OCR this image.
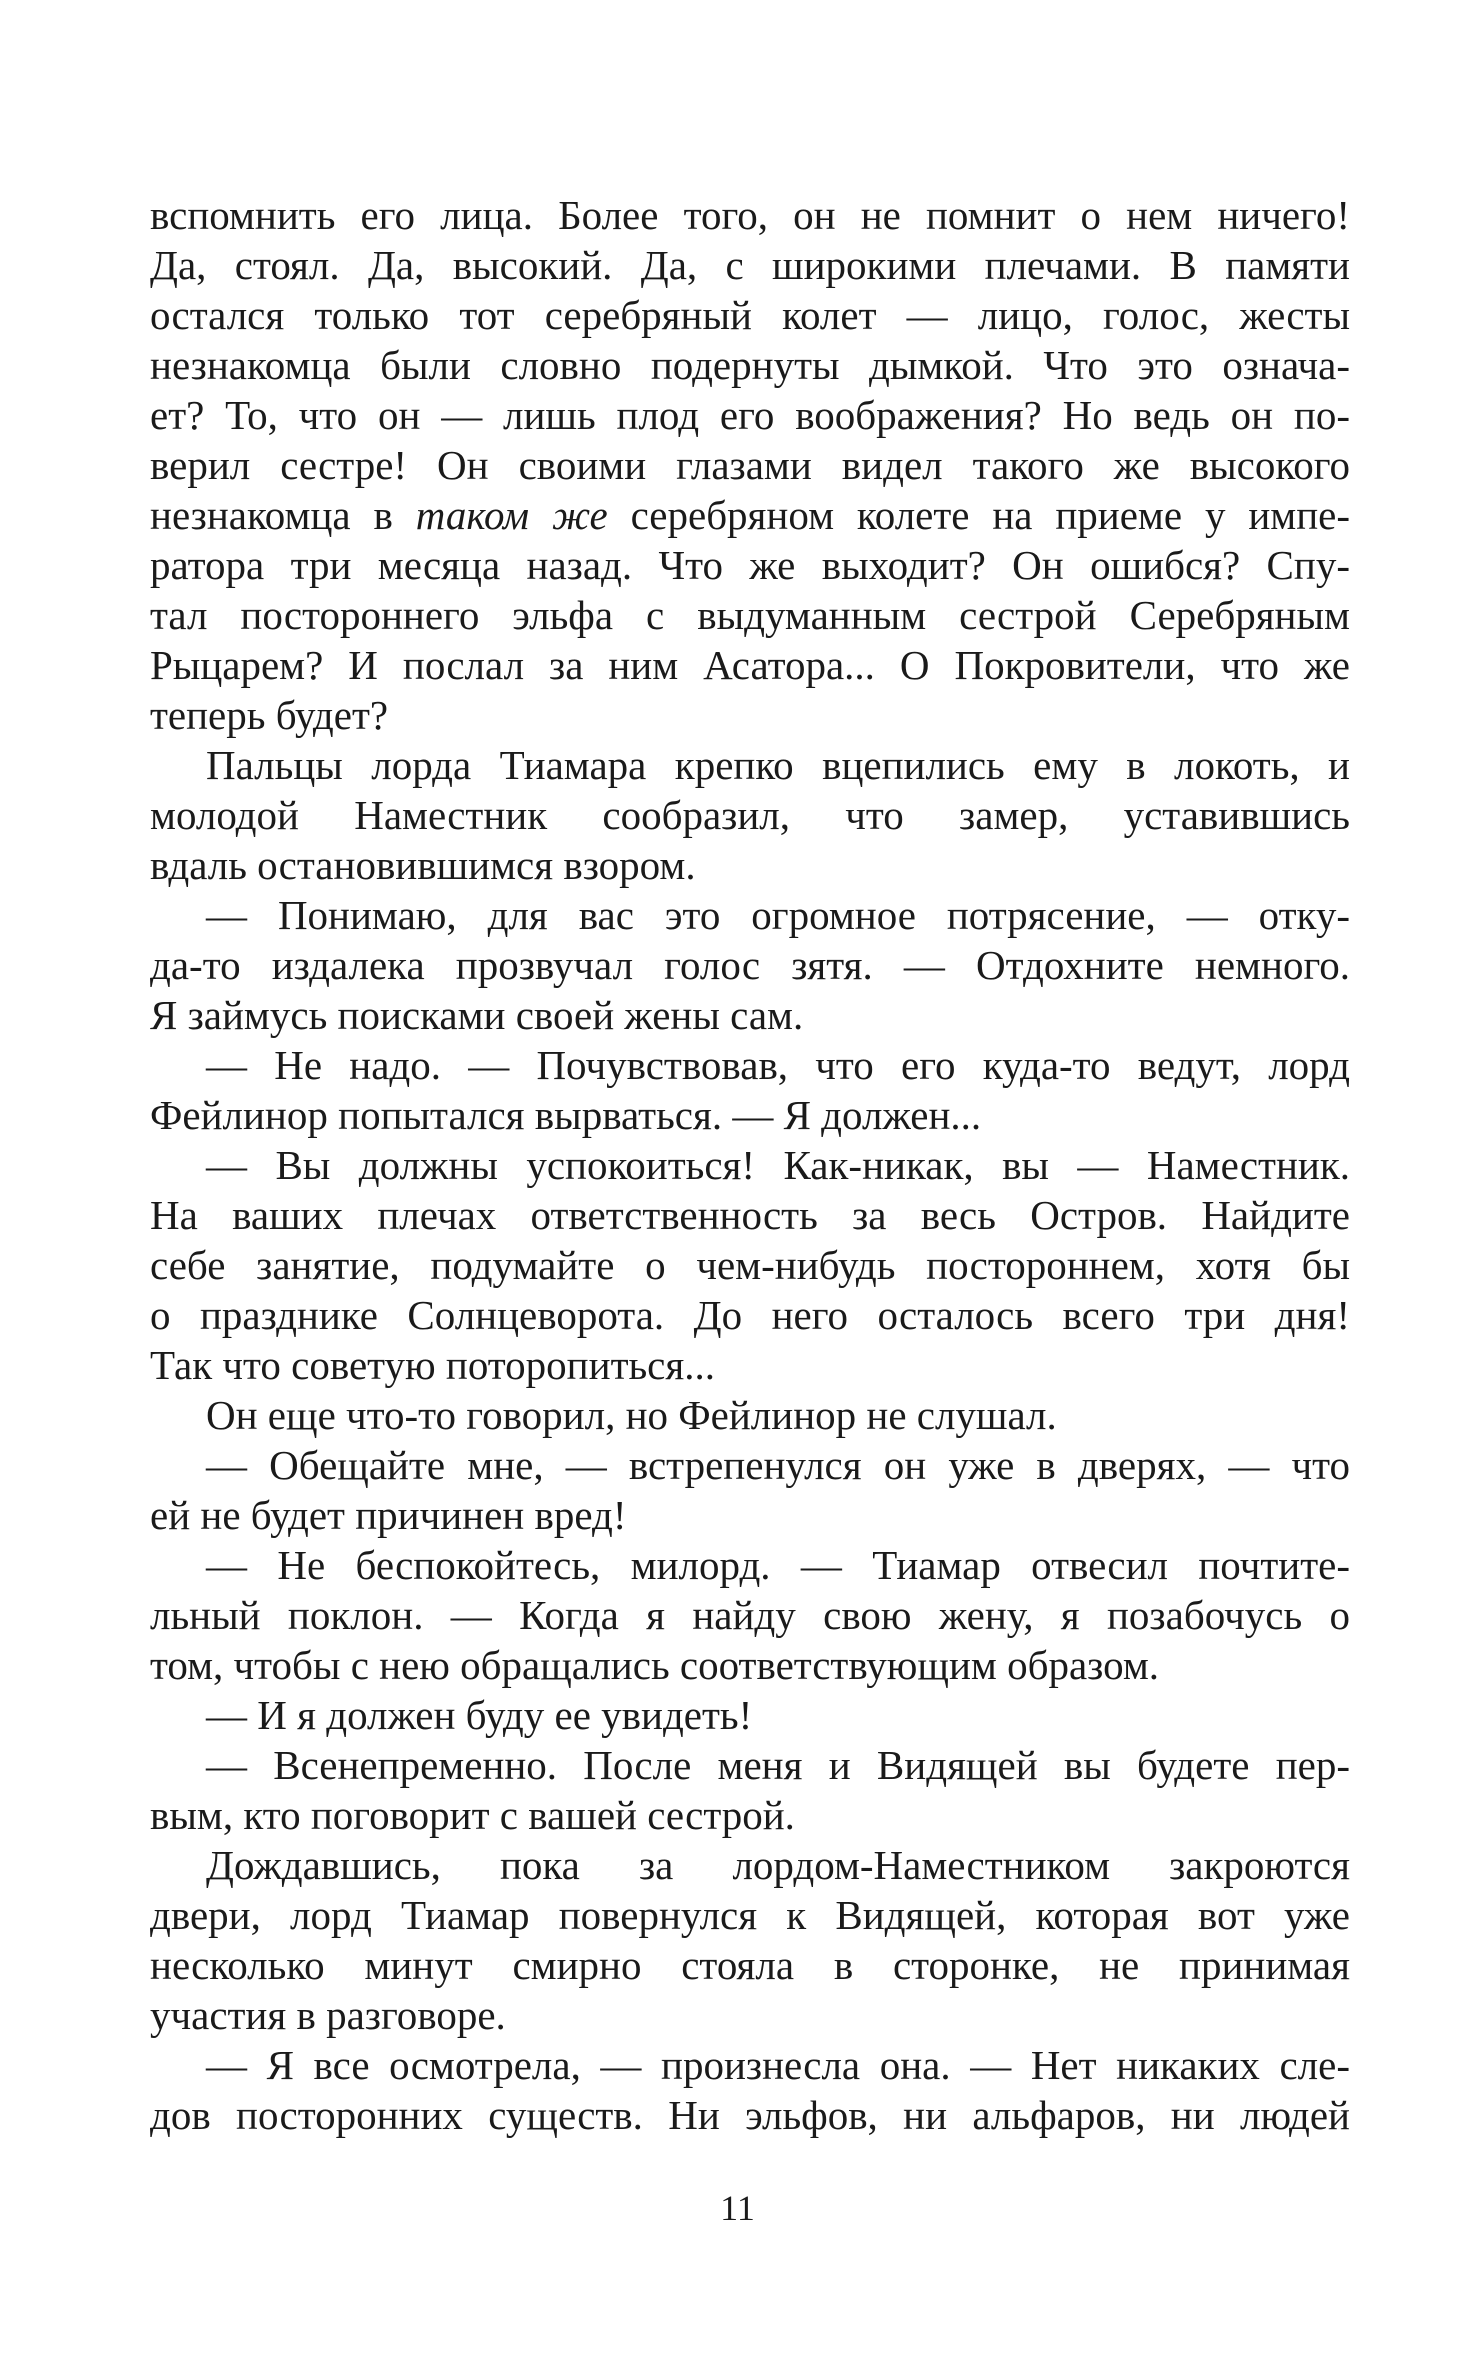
вспомнить его лица. Более того, он не помнит о нем ничего!
Да, стоял. Да, высокий. Да, с широкими плечами. В памяти
остался только тот серебряный колет — лицо, голос, жесты
незнакомца были словно подернуты дымкой. Что это означа-
ет? То, что он — лишь плод его воображения? Но ведь он по-
верил сестре! Он своими глазами видел такого же высокого
незнакомца в таком же серебряном колете на приеме у импе-
ратора три месяца назад. Что же выходит? Он ошибся? Спу-
тал постороннего эльфа с выдуманным сестрой Серебряным
Рыцарем? И послал за ним Асатора... О Покровители, что же
теперь будет?
Пальцы лорда Тиамара крепко вцепились ему в локоть, и
молодой Наместник сообразил, что замер, уставившись
вдаль остановившимся взором.
— Понимаю, для вас это огромное потрясение, — отку-
да-то издалека прозвучал голос зятя. — Отдохните немного.
Я займусь поисками своей жены сам.
— Не надо. — Почувствовав, что его куда-то ведут, лорд
Фейлинор попытался вырваться. — Я должен...
— Вы должны успокоиться! Как-никак, вы — Наместник.
На ваших плечах ответственность за весь Остров. Найдите
себе занятие, подумайте о чем-нибудь постороннем, хотя бы
о празднике Солнцеворота. До него осталось всего три дня!
Так что советую поторопиться...
Он еще что-то говорил, но Фейлинор не слушал.
— Обещайте мне, — встрепенулся он уже в дверях, — что
ей не будет причинен вред!
— Не беспокойтесь, милорд. — Тиамар отвесил почтите-
льный поклон. — Когда я найду свою жену, я позабочусь о
том, чтобы с нею обращались соответствующим образом.
— И я должен буду ее увидеть!
— Всенепременно. После меня и Видящей вы будете пер-
вым, кто поговорит с вашей сестрой.
Дождавшись, пока за лордом-Наместником закроются
двери, лорд Тиамар повернулся к Видящей, которая вот уже
несколько минут смирно стояла в сторонке, не принимая
участия в разговоре.
— Я все осмотрела, — произнесла она. — Нет никаких сле-
дов посторонних существ. Ни эльфов, ни альфаров, ни людей
11
